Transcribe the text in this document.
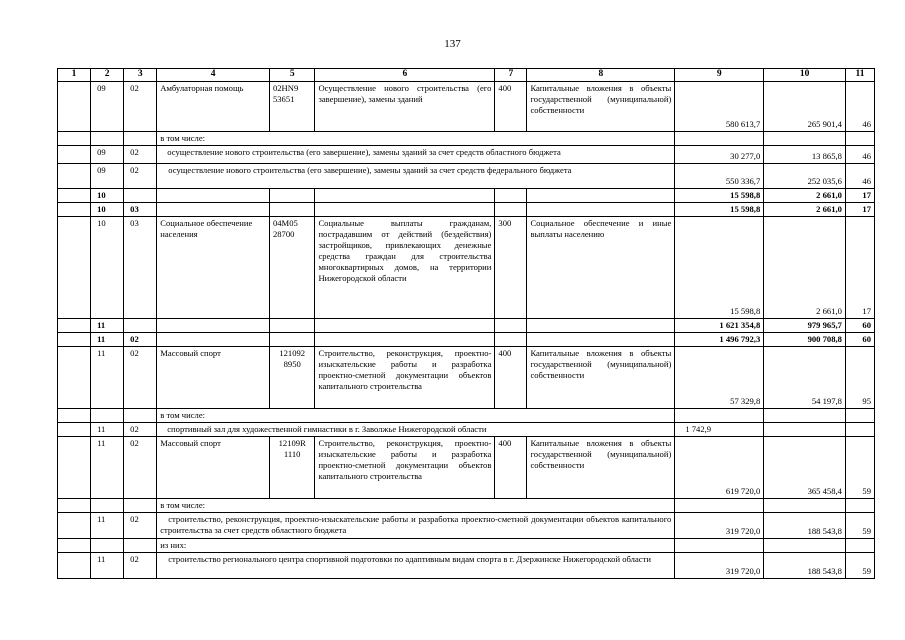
137
1	2	3	4	5	6	7	8	9	10	11
	09	02	Амбулаторная помощь	02HN9 53651	Осуществление нового строительства (его завершение), замены зданий	400	Капитальные вложения в объекты государственной (муниципальной) собственности	580 613,7	265 901,4	46
			в том числе:							
	09	02	осуществление нового строительства (его завершение), замены зданий за счет средств областного бюджета					30 277,0	13 865,8	46
	09	02	осуществление нового строительства (его завершение), замены зданий за счет средств федерального бюджета					550 336,7	252 035,6	46
	10							15 598,8	2 661,0	17
	10	03						15 598,8	2 661,0	17
	10	03	Социальное обеспечение населения	04М05 28700	Социальные выплаты гражданам, пострадавшим от действий (бездействия) застройщиков, привлекающих денежные средства граждан для строительства многоквартирных домов, на территории Нижегородской области	300	Социальное обеспечение и иные выплаты населению	15 598,8	2 661,0	17
	11							1 621 354,8	979 965,7	60
	11	02						1 496 792,3	900 708,8	60
	11	02	Массовый спорт	121092 8950	Строительство, реконструкция, проектно-изыскательские работы и разработка проектно-сметной документации объектов капитального строительства	400	Капитальные вложения в объекты государственной (муниципальной) собственности	57 329,8	54 197,8	95
			в том числе:							
	11	02	спортивный зал для художественной гимнастики в г. Заволжье Нижегородской области					1 742,9		
	11	02	Массовый спорт	12109R 1110	Строительство, реконструкция, проектно-изыскательские работы и разработка проектно-сметной документации объектов капитального строительства	400	Капитальные вложения в объекты государственной (муниципальной) собственности	619 720,0	365 458,4	59
			в том числе:							
	11	02	строительство, реконструкция, проектно-изыскательские работы и разработка проектно-сметной документации объектов капитального строительства за счет средств областного бюджета					319 720,0	188 543,8	59
			из них:							
	11	02	строительство регионального центра спортивной подготовки по адаптивным видам спорта в г. Дзержинске Нижегородской области					319 720,0	188 543,8	59
